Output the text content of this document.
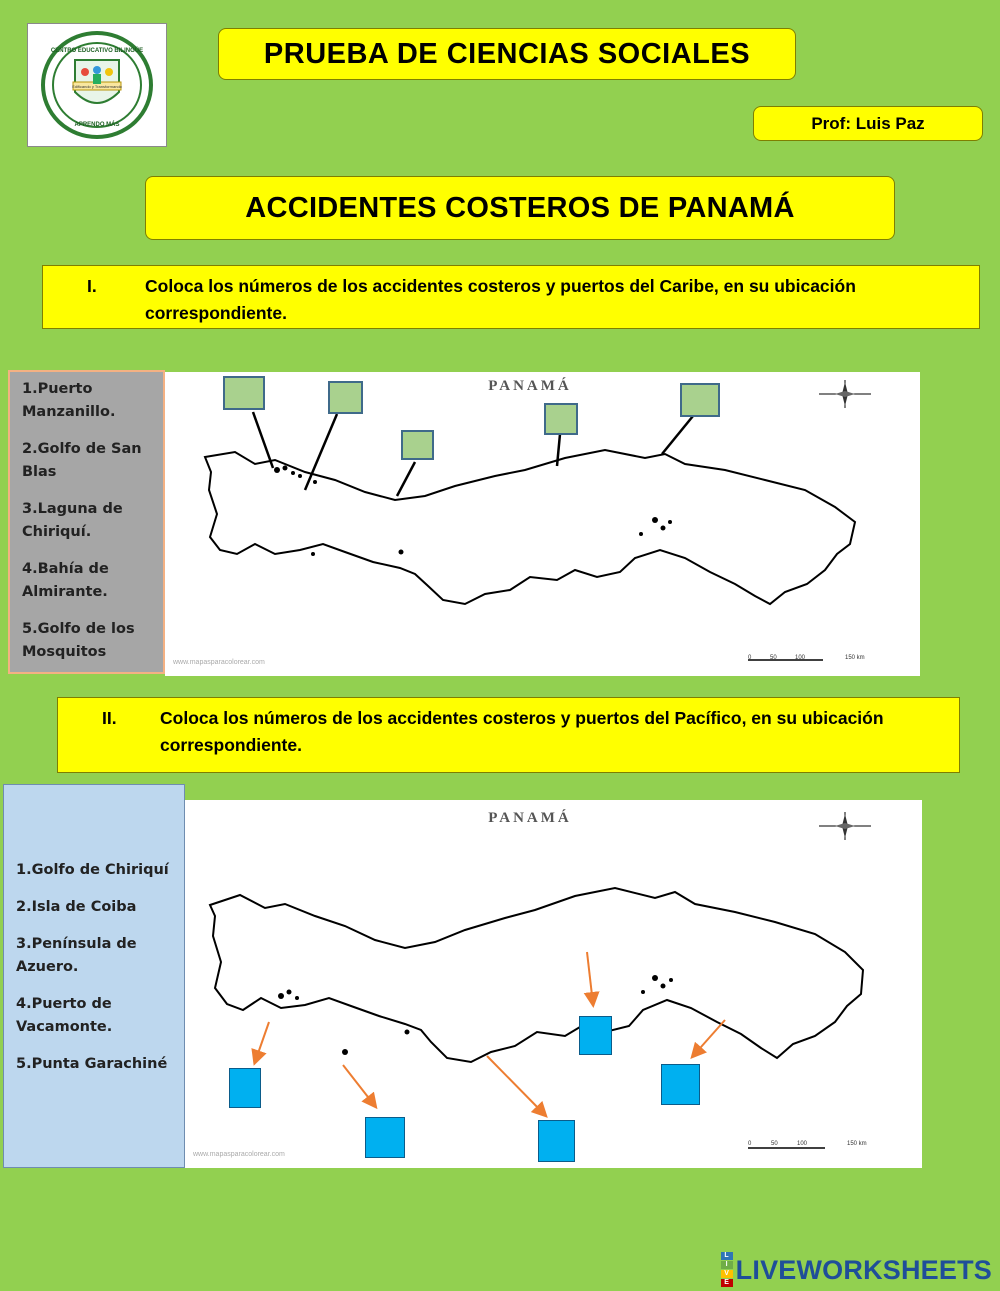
CENTRO EDUCATIVO BILINGÜE
Edificando y Transformando
APRENDO MÁS
PRUEBA DE CIENCIAS SOCIALES
Prof: Luis Paz
ACCIDENTES COSTEROS DE PANAMÁ
I.	Coloca los números de los accidentes costeros y puertos del Caribe, en su ubicación correspondiente.
1.Puerto Manzanillo.
2.Golfo de San Blas
3.Laguna de Chiriquí.
4.Bahía de Almirante.
5.Golfo de los Mosquitos
PANAMÁ
www.mapasparacolorear.com
0	50	100	150 km
II.	Coloca los números de los accidentes costeros y puertos del Pacífico, en su ubicación correspondiente.
1.Golfo de Chiriquí
2.Isla de Coiba
3.Península de Azuero.
4.Puerto de Vacamonte.
5.Punta Garachiné
PANAMÁ
www.mapasparacolorear.com
0	50	100	150 km
L
I
V
E LIVEWORKSHEETS
